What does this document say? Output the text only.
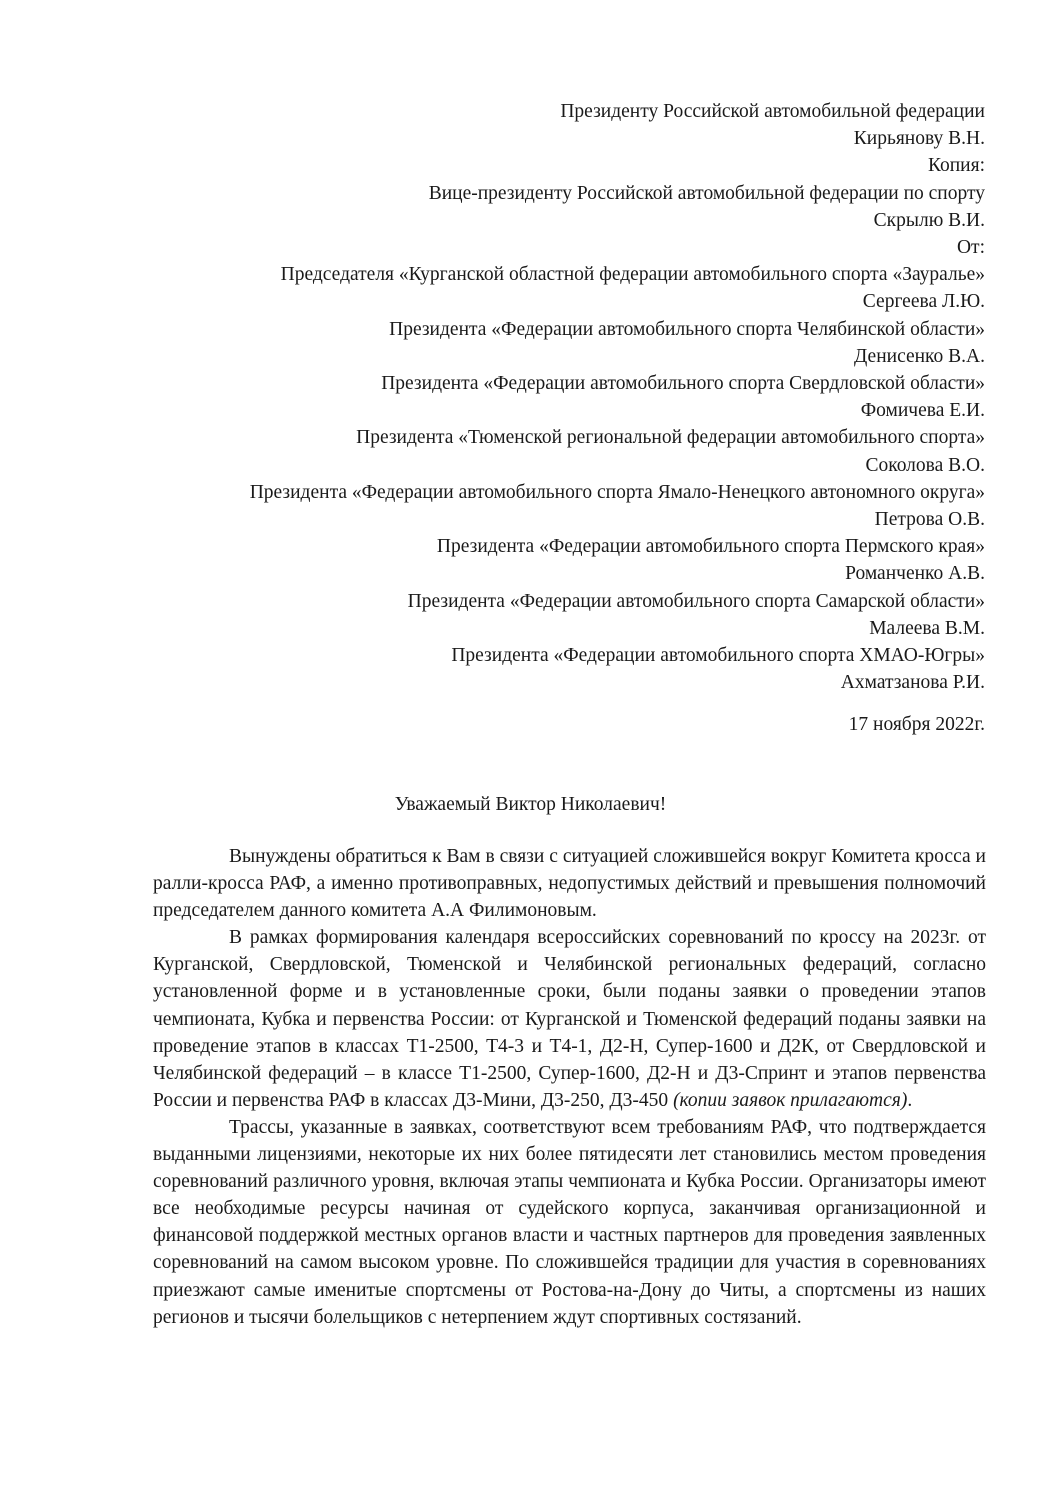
Президенту Российской автомобильной федерации
Кирьянову В.Н.
Копия:
Вице-президенту Российской автомобильной федерации по спорту
Скрылю В.И.
От:
Председателя «Курганской областной федерации автомобильного спорта «Зауралье»
Сергеева Л.Ю.
Президента «Федерации автомобильного спорта Челябинской области»
Денисенко В.А.
Президента «Федерации автомобильного спорта Свердловской области»
Фомичева Е.И.
Президента «Тюменской региональной федерации автомобильного спорта»
Соколова В.О.
Президента «Федерации автомобильного спорта Ямало-Ненецкого автономного округа»
Петрова О.В.
Президента «Федерации автомобильного спорта Пермского края»
Романченко А.В.
Президента «Федерации автомобильного спорта Самарской области»
Малеева В.М.
Президента «Федерации автомобильного спорта ХМАО-Югры»
Ахматзанова Р.И.
17 ноября 2022г.
Уважаемый Виктор Николаевич!

Вынуждены обратиться к Вам в связи с ситуацией сложившейся вокруг Комитета кросса и ралли-кросса РАФ, а именно противоправных, недопустимых действий и превышения полномочий председателем данного комитета А.А Филимоновым.

В рамках формирования календаря всероссийских соревнований по кроссу на 2023г. от Курганской, Свердловской, Тюменской и Челябинской региональных федераций, согласно установленной форме и в установленные сроки, были поданы заявки о проведении этапов чемпионата, Кубка и первенства России: от Курганской и Тюменской федераций поданы заявки на проведение этапов в классах Т1-2500, Т4-3 и Т4-1, Д2-Н, Супер-1600 и Д2К, от Свердловской и Челябинской федераций – в классе Т1-2500, Супер-1600, Д2-Н и Д3-Спринт и этапов первенства России и первенства РАФ в классах Д3-Мини, Д3-250, Д3-450 (копии заявок прилагаются).

Трассы, указанные в заявках, соответствуют всем требованиям РАФ, что подтверждается выданными лицензиями, некоторые их них более пятидесяти лет становились местом проведения соревнований различного уровня, включая этапы чемпионата и Кубка России. Организаторы имеют все необходимые ресурсы начиная от судейского корпуса, заканчивая организационной и финансовой поддержкой местных органов власти и частных партнеров для проведения заявленных соревнований на самом высоком уровне. По сложившейся традиции для участия в соревнованиях приезжают самые именитые спортсмены от Ростова-на-Дону до Читы, а спортсмены из наших регионов и тысячи болельщиков с нетерпением ждут спортивных состязаний.
